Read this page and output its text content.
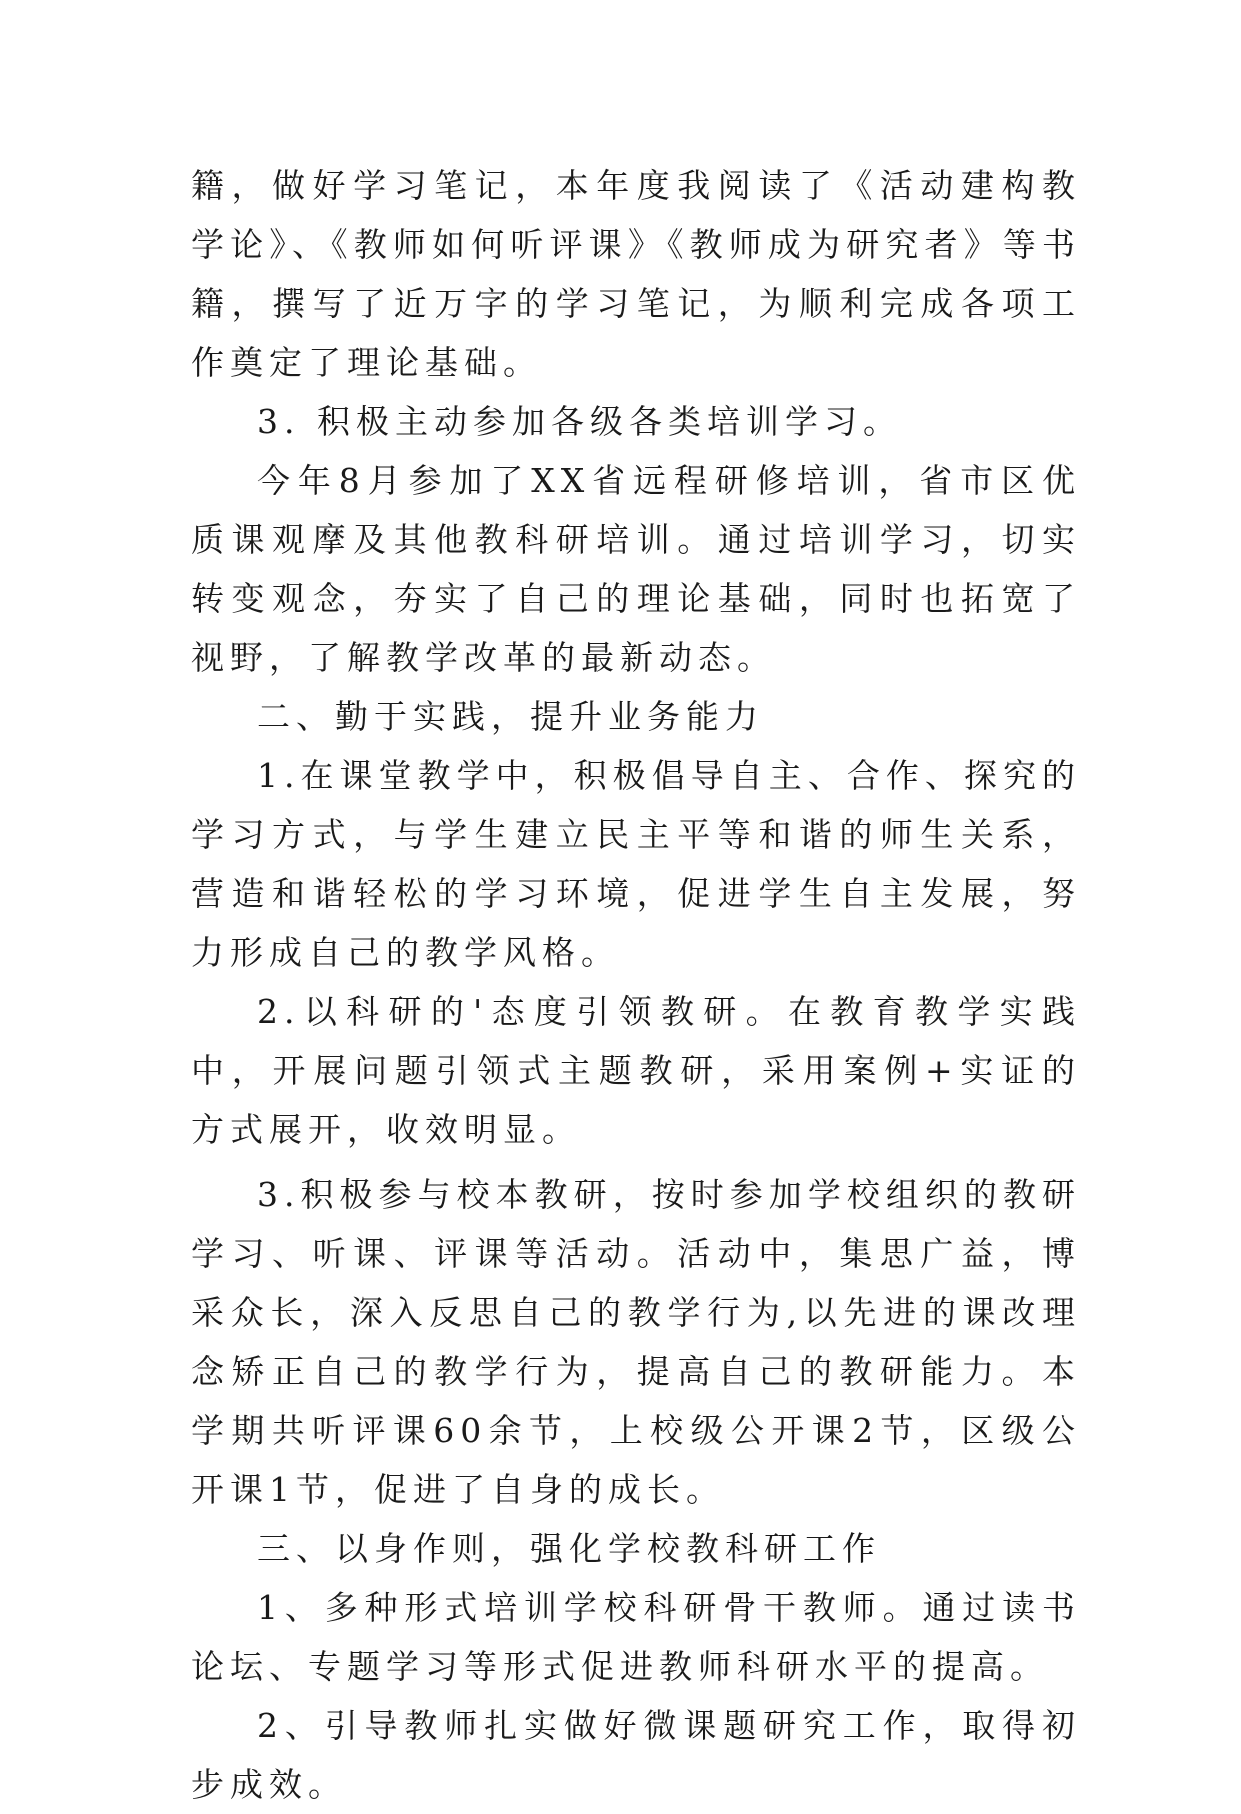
籍，做好学习笔记，本年度我阅读了《活动建构教学论》、《教师如何听评课》《教师成为研究者》等书籍，撰写了近万字的学习笔记，为顺利完成各项工作奠定了理论基础。

3. 积极主动参加各级各类培训学习。

今年8月参加了XX省远程研修培训，省市区优质课观摩及其他教科研培训。通过培训学习，切实转变观念，夯实了自己的理论基础，同时也拓宽了视野，了解教学改革的最新动态。

二、勤于实践，提升业务能力

1.在课堂教学中，积极倡导自主、合作、探究的学习方式，与学生建立民主平等和谐的师生关系，营造和谐轻松的学习环境，促进学生自主发展，努力形成自己的教学风格。

2.以科研的'态度引领教研。在教育教学实践中，开展问题引领式主题教研，采用案例+实证的方式展开，收效明显。

3.积极参与校本教研，按时参加学校组织的教研学习、听课、评课等活动。活动中，集思广益，博采众长，深入反思自己的教学行为,以先进的课改理念矫正自己的教学行为，提高自己的教研能力。本学期共听评课60余节，上校级公开课2节，区级公开课1节，促进了自身的成长。

三、以身作则，强化学校教科研工作

1、多种形式培训学校科研骨干教师。通过读书论坛、专题学习等形式促进教师科研水平的提高。

2、引导教师扎实做好微课题研究工作，取得初步成效。
